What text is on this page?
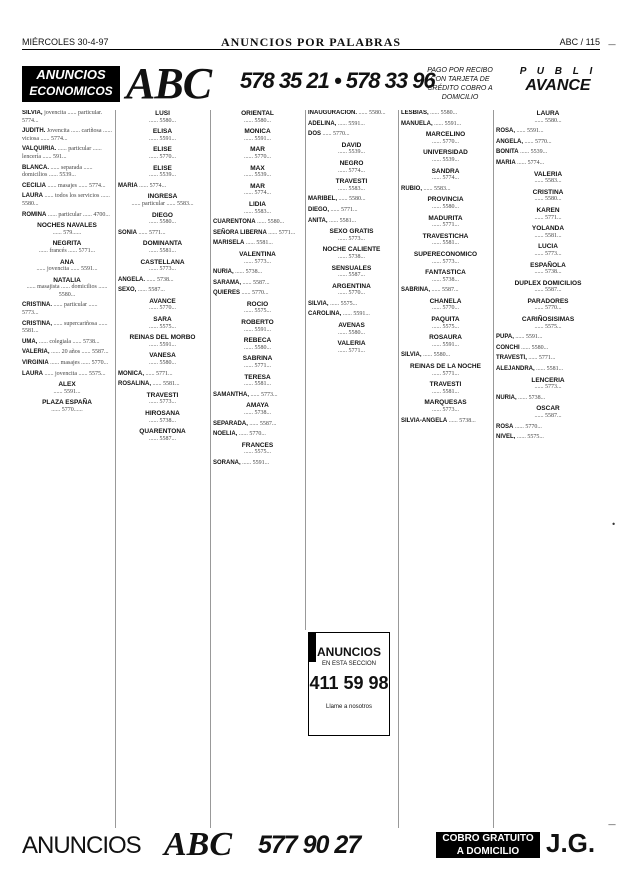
MIÉRCOLES 30-4-97	ANUNCIOS POR PALABRAS	ABC / 115
ANUNCIOS
ECONOMICOS ABC 578 35 21 • 578 33 96
PAGO POR RECIBO CON TARJETA DE CRÉDITO COBRO A DOMICILIO
P U B L I
AVANCE
SILVIA, jovencita ...... particular. 5774...
JUDITH. Jovencita ...... cariñosa ...... viciosa ...... 5774...
VALQUIRIA. ...... particular ...... lencería ...... 591...
BLANCA. ...... separada ...... domicilios ...... 5539...
CECILIA ...... masajes ...... 5774...
LAURA ...... todos los servicios ...... 5580...
ROMINA ...... particular ...... 4700...
NOCHES NAVALES
...... 579......
NEGRITA
...... francés ...... 5771...
ANA
...... jovencita ...... 5591...
NATALIA
...... masajista ...... domicilios ...... 5580...
CRISTINA. ...... particular ...... 5773...
CRISTINA, ...... supercariñosa ...... 5581...
UMA, ...... colegiala ...... 5738...
VALERIA, ...... 20 años ...... 5587...
VIRGINIA ...... masajes ...... 5770...
LAURA ...... jovencita ...... 5575...
ALEX
...... 5591...
PLAZA ESPAÑA
...... 5770......
LUSI
...... 5580...
ELISA
...... 5591...
ELISE
...... 5770...
ELISE
...... 5539...
MARIA ...... 5774...
INGRESA
...... particular ...... 5583...
DIEGO
...... 5580...
SONIA ...... 5771...
DOMINANTA
...... 5581...
CASTELLANA
...... 5773...
ANGELA. ...... 5738...
SEXO, ...... 5587...
AVANCE
...... 5770...
SARA
...... 5575...
REINAS DEL MORBO
...... 5591...
VANESA
...... 5580...
MONICA, ...... 5771...
ROSALINA, ...... 5581...
TRAVESTI
...... 5773...
HIROSANA
...... 5738...
QUARENTONA
...... 5587...
ORIENTAL
...... 5580...
MONICA
...... 5591...
MAR
...... 5770...
MAX
...... 5539...
MAR
...... 5774...
LIDIA
...... 5583...
CUARENTONA ...... 5580...
SEÑORA LIBERNA ...... 5771...
MARISELA ...... 5581...
VALENTINA
...... 5773...
NURIA, ...... 5738...
SARAMA, ...... 5587...
QUIERES ...... 5770...
ROCIO
...... 5575...
ROBERTO
...... 5591...
REBECA
...... 5580...
SABRINA
...... 5771...
TERESA
...... 5581...
SAMANTHA, ...... 5773...
AMAYA
...... 5738...
SEPARADA, ...... 5587...
NOELIA, ...... 5770...
FRANCES
...... 5575...
SORANA, ...... 5591...
INAUGURACION. ...... 5580...
ADELINA, ...... 5591...
DOS ...... 5770...
DAVID
...... 5539...
NEGRO
...... 5774...
TRAVESTI
...... 5583...
MARIBEL, ...... 5580...
DIEGO, ...... 5771...
ANITA, ...... 5581...
SEXO GRATIS
...... 5773...
NOCHE CALIENTE
...... 5738...
SENSUALES
...... 5587...
ARGENTINA
...... 5770...
SILVIA, ...... 5575...
CAROLINA, ...... 5591...
AVENAS
...... 5580...
VALERIA
...... 5771...
LESBIAS, ...... 5580...
MANUELA, ...... 5591...
MARCELINO
...... 5770...
UNIVERSIDAD
...... 5539...
SANDRA
...... 5774...
RUBIO, ...... 5583...
PROVINCIA
...... 5580...
MADURITA
...... 5771...
TRAVESTICHA
...... 5581...
SUPERECONOMICO
...... 5773...
FANTASTICA
...... 5738...
SABRINA, ...... 5587...
CHANELA
...... 5770...
PAQUITA
...... 5575...
ROSAURA
...... 5591...
SILVIA, ...... 5580...
REINAS DE LA NOCHE
...... 5771...
TRAVESTI
...... 5581...
MARQUESAS
...... 5773...
SILVIA-ANGELA ...... 5738...
LAURA
...... 5580...
ROSA, ...... 5591...
ANGELA, ...... 5770...
BONITA ...... 5539...
MARIA ...... 5774...
VALERIA
...... 5583...
CRISTINA
...... 5580...
KAREN
...... 5771...
YOLANDA
...... 5581...
LUCIA
...... 5773...
ESPAÑOLA
...... 5738...
DUPLEX DOMICILIOS
...... 5587...
PARADORES
...... 5770...
CARIÑOSISIMAS
...... 5575...
PUPA, ...... 5591...
CONCHI ...... 5580...
TRAVESTI, ...... 5771...
ALEJANDRA, ...... 5581...
LENCERIA
...... 5773...
NURIA, ...... 5738...
OSCAR
...... 5587...
ROSA ...... 5770...
NIVEL, ...... 5575...
ANUNCIOS
EN ESTA SECCION
411 59 98
Llame a nosotros
ANUNCIOS ABC 577 90 27	COBRO GRATUITO
A DOMICILIO	J.G.
—
•
—
